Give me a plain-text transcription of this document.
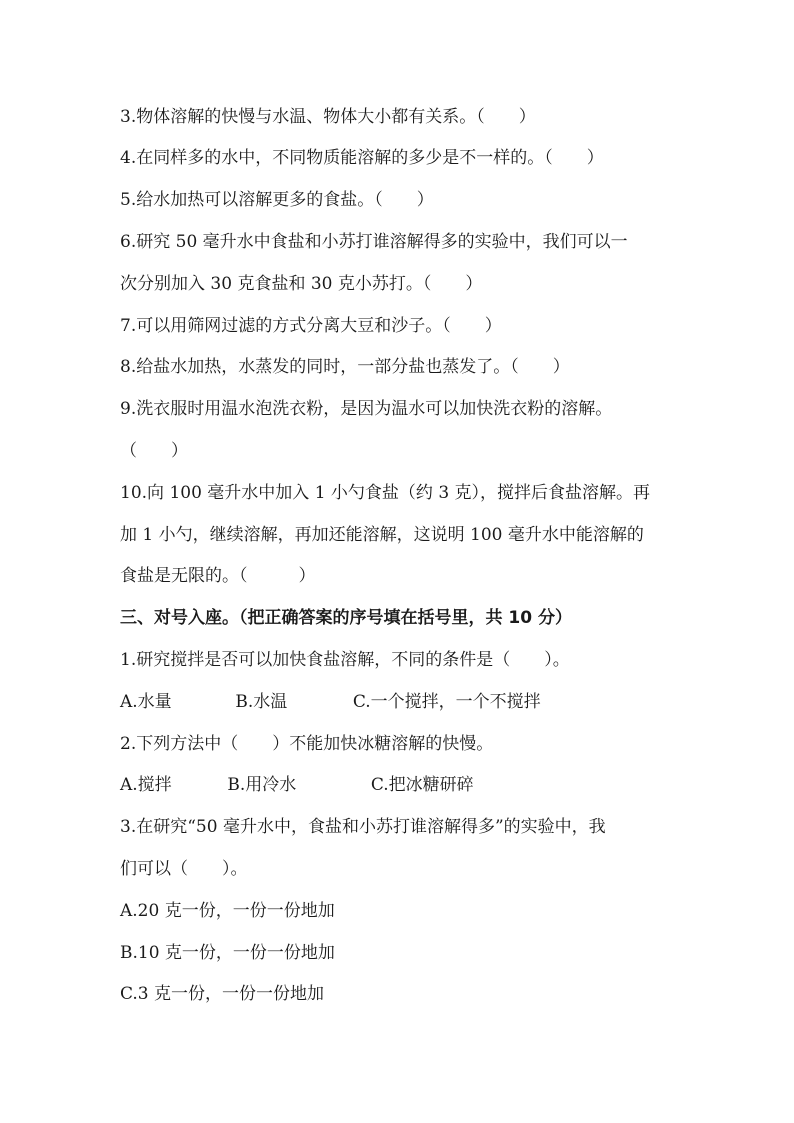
3.物体溶解的快慢与水温、物体大小都有关系。（　　）
4.在同样多的水中，不同物质能溶解的多少是不一样的。（　　）
5.给水加热可以溶解更多的食盐。（　　）
6.研究 50 毫升水中食盐和小苏打谁溶解得多的实验中，我们可以一
次分别加入 30 克食盐和 30 克小苏打。（　　）
7.可以用筛网过滤的方式分离大豆和沙子。（　　）
8.给盐水加热，水蒸发的同时，一部分盐也蒸发了。（　　）
9.洗衣服时用温水泡洗衣粉，是因为温水可以加快洗衣粉的溶解。
（　　）
10.向 100 毫升水中加入 1 小勺食盐（约 3 克），搅拌后食盐溶解。再
加 1 小勺，继续溶解，再加还能溶解，这说明 100 毫升水中能溶解的
食盐是无限的。（　　　）
三、对号入座。（把正确答案的序号填在括号里，共 10 分）
1.研究搅拌是否可以加快食盐溶解，不同的条件是（　　）。
A.水量	B.水温	C.一个搅拌，一个不搅拌
2.下列方法中（　　）不能加快冰糖溶解的快慢。
A.搅拌	B.用冷水	C.把冰糖研碎
3.在研究“50 毫升水中，食盐和小苏打谁溶解得多”的实验中，我
们可以（　　）。
A.20 克一份，一份一份地加
B.10 克一份，一份一份地加
C.3 克一份，一份一份地加
